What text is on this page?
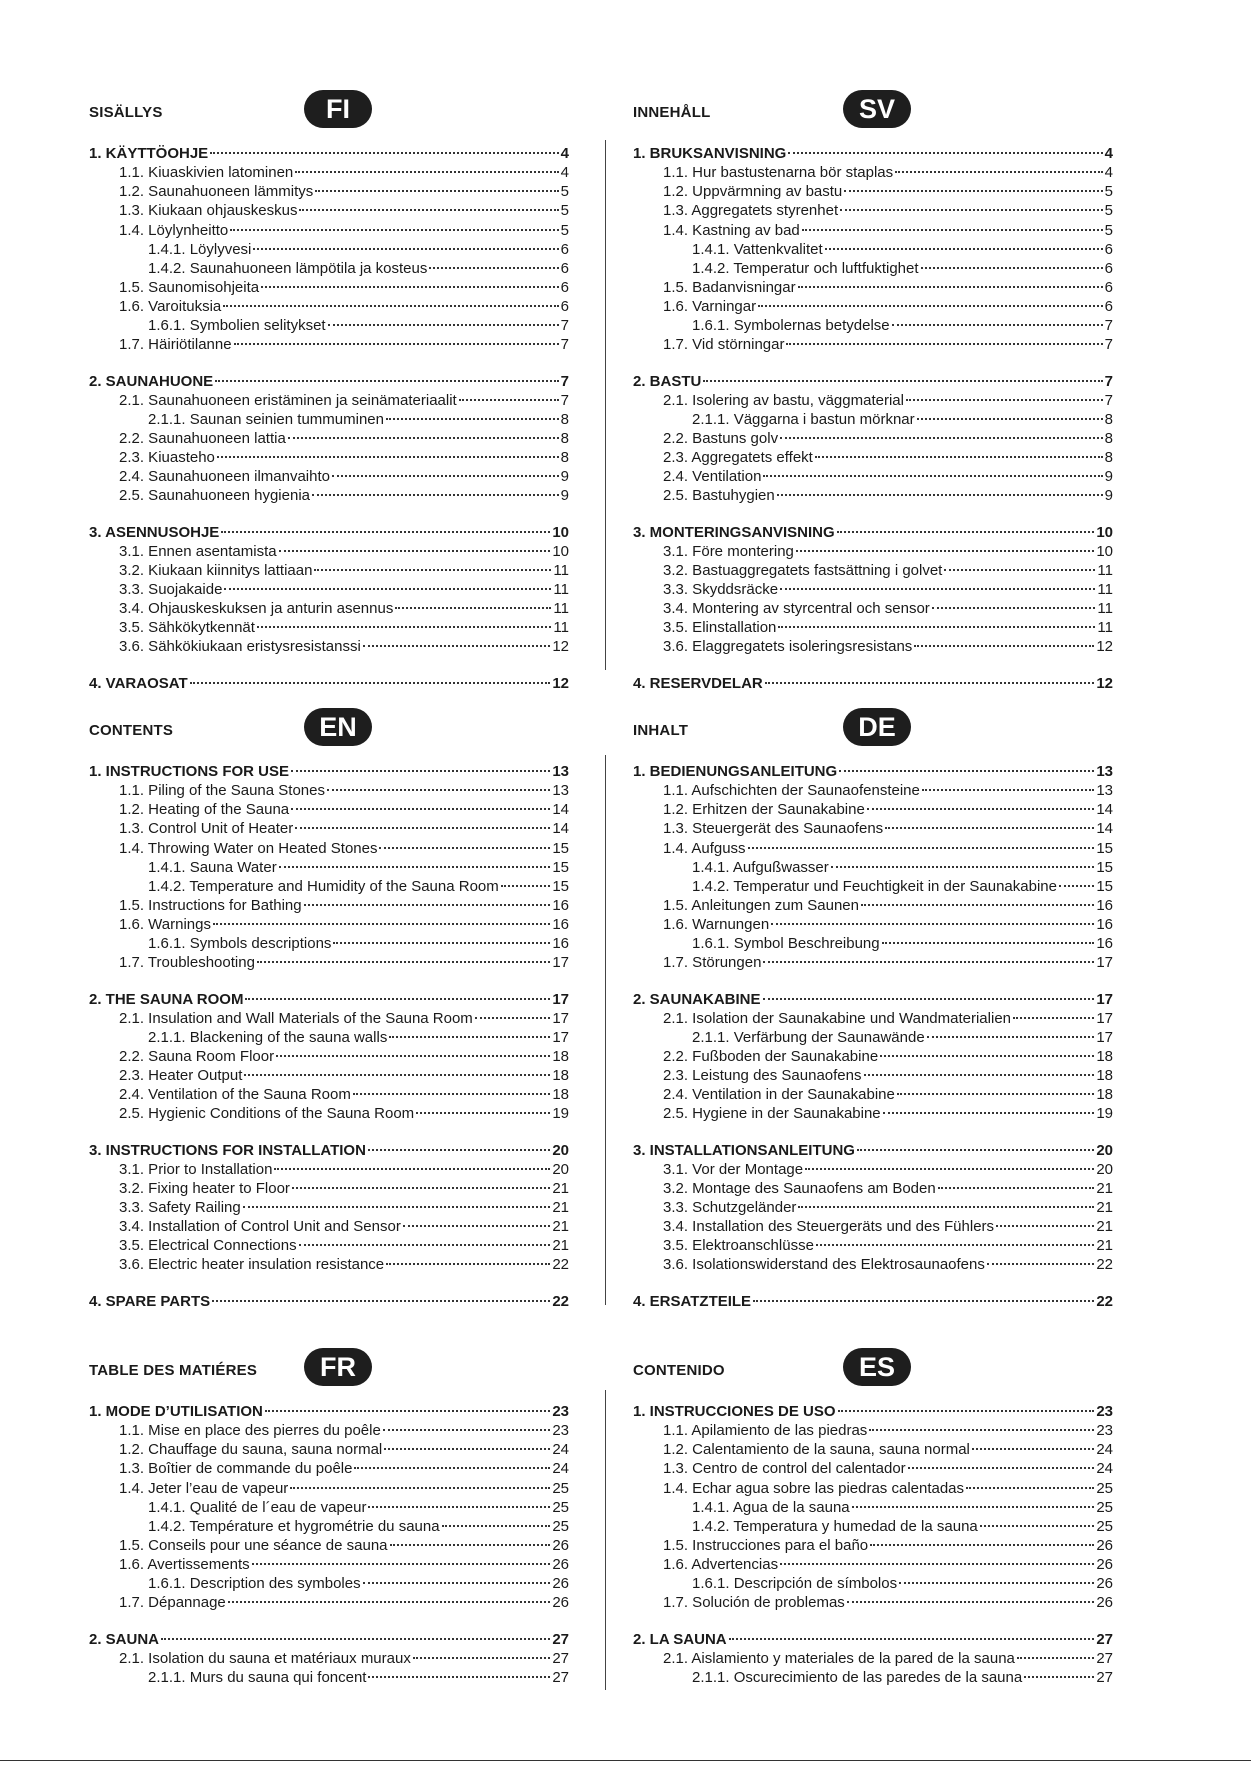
SISÄLLYS	FI
1. KÄYTTÖOHJE	4
1.1. Kiuaskivien latominen	4
1.2. Saunahuoneen lämmitys	5
1.3. Kiukaan ohjauskeskus	5
1.4. Löylynheitto	5
1.4.1. Löylyvesi	6
1.4.2. Saunahuoneen lämpötila ja kosteus	6
1.5. Saunomisohjeita	6
1.6. Varoituksia	6
1.6.1. Symbolien selitykset	7
1.7. Häiriötilanne	7
2. SAUNAHUONE	7
2.1. Saunahuoneen eristäminen ja seinämateriaalit	7
2.1.1. Saunan seinien tummuminen	8
2.2. Saunahuoneen lattia	8
2.3. Kiuasteho	8
2.4. Saunahuoneen ilmanvaihto	9
2.5. Saunahuoneen hygienia	9
3. ASENNUSOHJE	10
3.1. Ennen asentamista	10
3.2. Kiukaan kiinnitys lattiaan	11
3.3. Suojakaide	11
3.4. Ohjauskeskuksen ja anturin asennus	11
3.5. Sähkökytkennät	11
3.6. Sähkökiukaan eristysresistanssi	12
4. VARAOSAT	12
INNEHÅLL	SV
1. BRUKSANVISNING	4
1.1. Hur bastustenarna bör staplas	4
1.2. Uppvärmning av bastu	5
1.3. Aggregatets styrenhet	5
1.4. Kastning av bad	5
1.4.1. Vattenkvalitet	6
1.4.2. Temperatur och luftfuktighet	6
1.5. Badanvisningar	6
1.6. Varningar	6
1.6.1. Symbolernas betydelse	7
1.7. Vid störningar	7
2. BASTU	7
2.1. Isolering av bastu, väggmaterial	7
2.1.1. Väggarna i bastun mörknar	8
2.2. Bastuns golv	8
2.3. Aggregatets effekt	8
2.4. Ventilation	9
2.5. Bastuhygien	9
3. MONTERINGSANVISNING	10
3.1. Före montering	10
3.2. Bastuaggregatets fastsättning i golvet	11
3.3. Skyddsräcke	11
3.4. Montering av styrcentral och sensor	11
3.5. Elinstallation	11
3.6. Elaggregatets isoleringsresistans	12
4. RESERVDELAR	12
CONTENTS	EN
1. INSTRUCTIONS FOR USE	13
1.1. Piling of the Sauna Stones	13
1.2. Heating of the Sauna	14
1.3. Control Unit of Heater	14
1.4. Throwing Water on Heated Stones	15
1.4.1. Sauna Water	15
1.4.2. Temperature and Humidity of the Sauna Room	15
1.5. Instructions for Bathing	16
1.6. Warnings	16
1.6.1. Symbols descriptions	16
1.7. Troubleshooting	17
2. THE SAUNA ROOM	17
2.1. Insulation and Wall Materials of the Sauna Room	17
2.1.1. Blackening of the sauna walls	17
2.2. Sauna Room Floor	18
2.3. Heater Output	18
2.4. Ventilation of the Sauna Room	18
2.5. Hygienic Conditions of the Sauna Room	19
3. INSTRUCTIONS FOR INSTALLATION	20
3.1. Prior to Installation	20
3.2. Fixing heater to Floor	21
3.3. Safety Railing	21
3.4. Installation of Control Unit and Sensor	21
3.5. Electrical Connections	21
3.6. Electric heater insulation resistance	22
4. SPARE PARTS	22
INHALT	DE
1. BEDIENUNGSANLEITUNG	13
1.1. Aufschichten der Saunaofensteine	13
1.2. Erhitzen der Saunakabine	14
1.3. Steuergerät des Saunaofens	14
1.4. Aufguss	15
1.4.1. Aufgußwasser	15
1.4.2. Temperatur und Feuchtigkeit in der Saunakabine	15
1.5. Anleitungen zum Saunen	16
1.6. Warnungen	16
1.6.1. Symbol Beschreibung	16
1.7. Störungen	17
2. SAUNAKABINE	17
2.1. Isolation der Saunakabine und Wandmaterialien	17
2.1.1. Verfärbung der Saunawände	17
2.2. Fußboden der Saunakabine	18
2.3. Leistung des Saunaofens	18
2.4. Ventilation in der Saunakabine	18
2.5. Hygiene in der Saunakabine	19
3. INSTALLATIONSANLEITUNG	20
3.1. Vor der Montage	20
3.2. Montage des Saunaofens am Boden	21
3.3. Schutzgeländer	21
3.4. Installation des Steuergeräts und des Fühlers	21
3.5. Elektroanschlüsse	21
3.6. Isolationswiderstand des Elektrosaunaofens	22
4. ERSATZTEILE	22
TABLE DES MATIÉRES	FR
1. MODE D’UTILISATION	23
1.1. Mise en place des pierres du poêle	23
1.2. Chauffage du sauna, sauna normal	24
1.3. Boîtier de commande du poêle	24
1.4. Jeter l’eau de vapeur	25
1.4.1. Qualité de l´eau de vapeur	25
1.4.2. Température et hygrométrie du sauna	25
1.5. Conseils pour une séance de sauna	26
1.6. Avertissements	26
1.6.1. Description des symboles	26
1.7. Dépannage	26
2. SAUNA	27
2.1. Isolation du sauna et matériaux muraux	27
2.1.1. Murs du sauna qui foncent	27
CONTENIDO	ES
1. INSTRUCCIONES DE USO	23
1.1. Apilamiento de las piedras	23
1.2. Calentamiento de la sauna, sauna normal	24
1.3. Centro de control del calentador	24
1.4. Echar agua sobre las piedras calentadas	25
1.4.1. Agua de la sauna	25
1.4.2. Temperatura y humedad de la sauna	25
1.5. Instrucciones para el baño	26
1.6. Advertencias	26
1.6.1. Descripción de símbolos	26
1.7. Solución de problemas	26
2. LA SAUNA	27
2.1. Aislamiento y materiales de la pared de la sauna	27
2.1.1. Oscurecimiento de las paredes de la sauna	27
